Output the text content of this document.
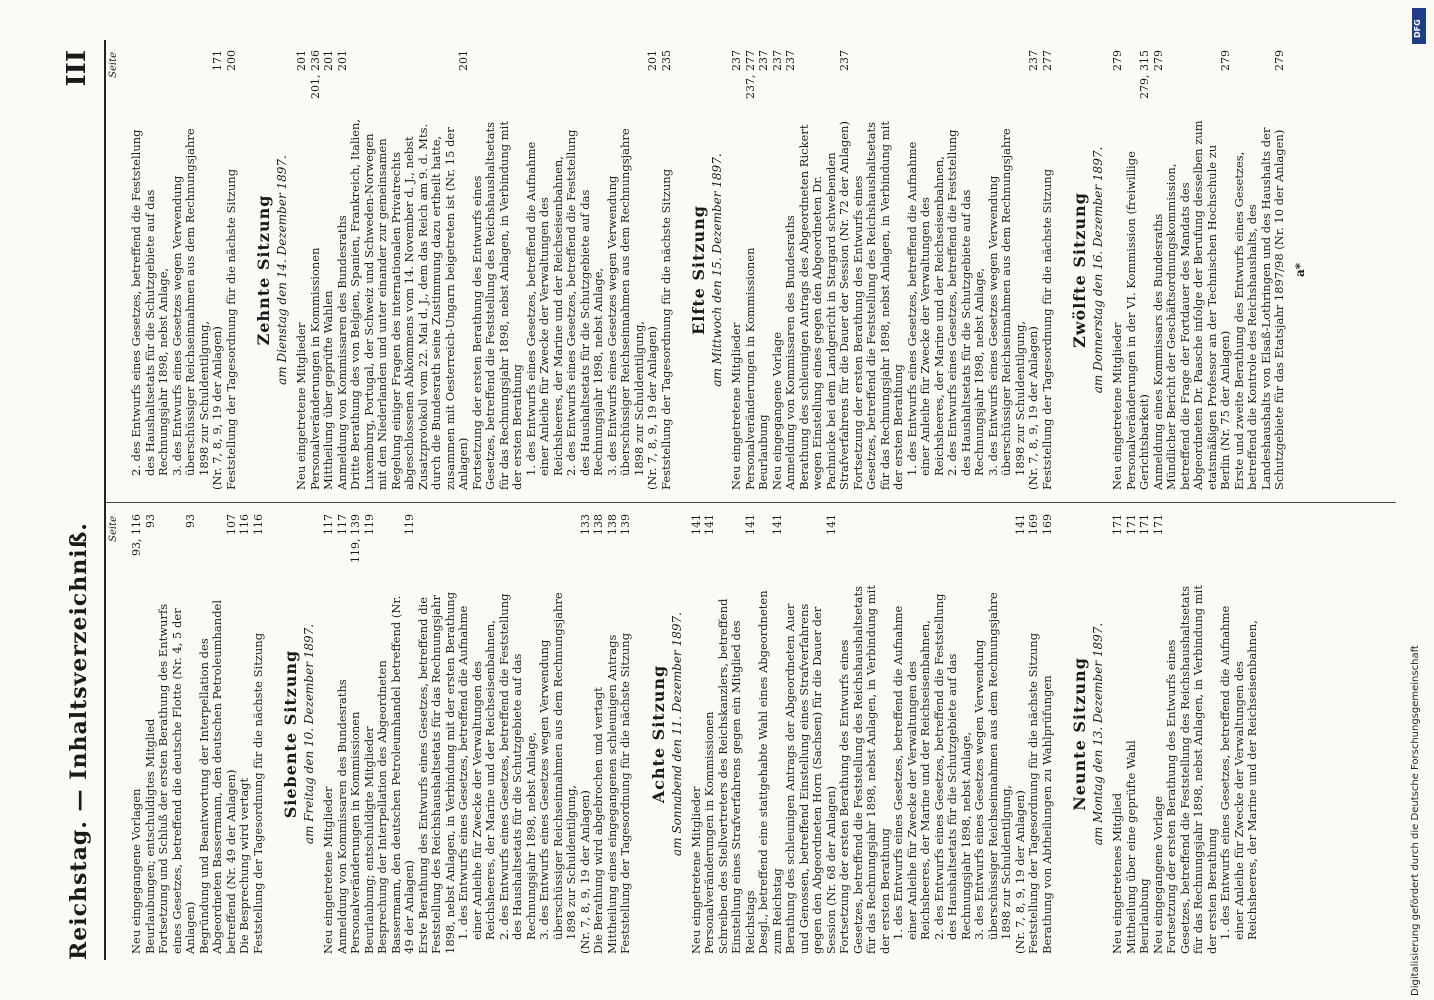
Reichstag. — Inhaltsverzeichniß.
III
Seite
Neu eingegangene Vorlagen
93, 116
Beurlaubungen; entschuldigtes Mitglied
93
Fortsetzung und Schluß der ersten Berathung des Entwurfs eines Gesetzes, betreffend die deutsche Flotte (Nr. 4, 5 der Anlagen)
93
Begründung und Beantwortung der Interpellation des Abgeordneten Bassermann, den deutschen Petroleumhandel betreffend (Nr. 49 der Anlagen)
107
Die Besprechung wird vertagt
116
Feststellung der Tagesordnung für die nächste Sitzung
116
Siebente Sitzung am Freitag den 10. Dezember 1897.
Neu eingetretene Mitglieder
117
Anmeldung von Kommissaren des Bundesraths
117
Personalveränderungen in Kommissionen
119, 139
Beurlaubung; entschuldigte Mitglieder
119
Besprechung der Interpellation des Abgeordneten Bassermann, den deutschen Petroleumhandel betreffend (Nr. 49 der Anlagen)
119
Erste Berathung des Entwurfs eines Gesetzes, betreffend die Feststellung des Reichshaushaltsetats für das Rechnungsjahr 1898, nebst Anlagen, in Verbindung mit der ersten Berathung 1. des Entwurfs eines Gesetzes, betreffend die Aufnahme einer Anleihe für Zwecke der Verwaltungen des Reichsheeres, der Marine und der Reichseisenbahnen, 2. des Entwurfs eines Gesetzes, betreffend die Feststellung des Haushaltsetats für die Schutzgebiete auf das Rechnungsjahr 1898, nebst Anlage, 3. des Entwurfs eines Gesetzes wegen Verwendung überschüssiger Reichseinnahmen aus dem Rechnungsjahre 1898 zur Schuldentilgung, (Nr. 7, 8, 9, 19 der Anlagen)
133
Die Berathung wird abgebrochen und vertagt
138
Mittheilung eines eingegangenen schleunigen Antrags
138
Feststellung der Tagesordnung für die nächste Sitzung
139
Achte Sitzung am Sonnabend den 11. Dezember 1897.
Neu eingetretene Mitglieder
141
Personalveränderungen in Kommissionen
141
Schreiben des Stellvertreters des Reichskanzlers, betreffend Einstellung eines Strafverfahrens gegen ein Mitglied des Reichstags
141
Desgl., betreffend eine stattgehabte Wahl eines Abgeordneten zum Reichstag
141
Berathung des schleunigen Antrags der Abgeordneten Auer und Genossen, betreffend Einstellung eines Strafverfahrens gegen den Abgeordneten Horn (Sachsen) für die Dauer der Session (Nr. 68 der Anlagen)
141
Fortsetzung der ersten Berathung des Entwurfs eines Gesetzes, betreffend die Feststellung des Reichshaushaltsetats für das Rechnungsjahr 1898, nebst Anlagen, in Verbindung mit der ersten Berathung 1. des Entwurfs eines Gesetzes, betreffend die Aufnahme einer Anleihe für Zwecke der Verwaltungen des Reichsheeres, der Marine und der Reichseisenbahnen, 2. des Entwurfs eines Gesetzes, betreffend die Feststellung des Haushaltsetats für die Schutzgebiete auf das Rechnungsjahr 1898, nebst Anlage, 3. des Entwurfs eines Gesetzes wegen Verwendung überschüssiger Reichseinnahmen aus dem Rechnungsjahre 1898 zur Schuldentilgung, (Nr. 7, 8, 9, 19 der Anlagen)
141
Feststellung der Tagesordnung für die nächste Sitzung
169
Berathung von Abtheilungen zu Wahlprüfungen
169
Neunte Sitzung am Montag den 13. Dezember 1897.
Neu eingetretenes Mitglied
171
Mittheilung über eine geprüfte Wahl
171
Beurlaubung
171
Neu eingegangene Vorlage
171
Fortsetzung der ersten Berathung des Entwurfs eines Gesetzes, betreffend die Feststellung des Reichshaushaltsetats für das Rechnungsjahr 1898, nebst Anlagen, in Verbindung mit der ersten Berathung 1. des Entwurfs eines Gesetzes, betreffend die Aufnahme einer Anleihe für Zwecke der Verwaltungen des Reichsheeres, der Marine und der Reichseisenbahnen,
Seite
2. des Entwurfs eines Gesetzes, betreffend die Feststellung des Haushaltsetats für die Schutzgebiete auf das Rechnungsjahr 1898, nebst Anlage, 3. des Entwurfs eines Gesetzes wegen Verwendung überschüssiger Reichseinnahmen aus dem Rechnungsjahre 1898 zur Schuldentilgung, (Nr. 7, 8, 9, 19 der Anlagen)
171
Feststellung der Tagesordnung für die nächste Sitzung
200
Zehnte Sitzung am Dienstag den 14. Dezember 1897.
Neu eingetretene Mitglieder
201
Personalveränderungen in Kommissionen
201, 236
Mittheilung über geprüfte Wahlen
201
Anmeldung von Kommissaren des Bundesraths
201
Dritte Berathung des von Belgien, Spanien, Frankreich, Italien, Luxemburg, Portugal, der Schweiz und Schweden-Norwegen mit den Niederlanden und unter einander zur gemeinsamen Regelung einiger Fragen des internationalen Privatrechts abgeschlossenen Abkommens vom 14. November d. J., nebst Zusatzprotokoll vom 22. Mai d. J., dem das Reich am 9. d. Mts. durch die Bundesrath seine Zustimmung dazu ertheilt hatte, zusammen mit Oesterreich-Ungarn beigetreten ist (Nr. 15 der Anlagen)
201
Fortsetzung der ersten Berathung des Entwurfs eines Gesetzes, betreffend die Feststellung des Reichshaushaltsetats für das Rechnungsjahr 1898, nebst Anlagen, in Verbindung mit der ersten Berathung 1. des Entwurfs eines Gesetzes, betreffend die Aufnahme einer Anleihe für Zwecke der Verwaltungen des Reichsheeres, der Marine und der Reichseisenbahnen, 2. des Entwurfs eines Gesetzes, betreffend die Feststellung des Haushaltsetats für die Schutzgebiete auf das Rechnungsjahr 1898, nebst Anlage, 3. des Entwurfs eines Gesetzes wegen Verwendung überschüssiger Reichseinnahmen aus dem Rechnungsjahre 1898 zur Schuldentilgung, (Nr. 7, 8, 9, 19 der Anlagen)
201
Feststellung der Tagesordnung für die nächste Sitzung
235
Elfte Sitzung am Mittwoch den 15. Dezember 1897.
Neu eingetretene Mitglieder
237
Personalveränderungen in Kommissionen
237, 277
Beurlaubung
237
Neu eingegangene Vorlage
237
Anmeldung von Kommissaren des Bundesraths
237
Berathung des schleunigen Antrags des Abgeordneten Rickert wegen Einstellung eines gegen den Abgeordneten Dr. Pachnicke bei dem Landgericht in Stargard schwebenden Strafverfahrens für die Dauer der Session (Nr. 72 der Anlagen)
237
Fortsetzung der ersten Berathung des Entwurfs eines Gesetzes, betreffend die Feststellung des Reichshaushaltsetats für das Rechnungsjahr 1898, nebst Anlagen, in Verbindung mit der ersten Berathung 1. des Entwurfs eines Gesetzes, betreffend die Aufnahme einer Anleihe für Zwecke der Verwaltungen des Reichsheeres, der Marine und der Reichseisenbahnen, 2. des Entwurfs eines Gesetzes, betreffend die Feststellung des Haushaltsetats für die Schutzgebiete auf das Rechnungsjahr 1898, nebst Anlage, 3. des Entwurfs eines Gesetzes wegen Verwendung überschüssiger Reichseinnahmen aus dem Rechnungsjahre 1898 zur Schuldentilgung, (Nr. 7, 8, 9, 19 der Anlagen)
237
Feststellung der Tagesordnung für die nächste Sitzung
277
Zwölfte Sitzung am Donnerstag den 16. Dezember 1897.
Neu eingetretene Mitglieder
279
Personalveränderungen in der VI. Kommission (freiwillige Gerichtsbarkeit)
279, 315
Anmeldung eines Kommissars des Bundesraths
279
Mündlicher Bericht der Geschäftsordnungskommission, betreffend die Frage der Fortdauer des Mandats des Abgeordneten Dr. Paasche infolge der Berufung desselben zum etatsmäßigen Professor an der Technischen Hochschule zu Berlin (Nr. 75 der Anlagen)
279
Erste und zweite Berathung des Entwurfs eines Gesetzes, betreffend die Kontrole des Reichshaushalts, des Landeshaushalts von Elsaß-Lothringen und des Haushalts der Schutzgebiete für das Etatsjahr 1897/98 (Nr. 10 der Anlagen)
279
a*
Digitalisierung gefördert durch die Deutsche Forschungsgemeinschaft
DFG
